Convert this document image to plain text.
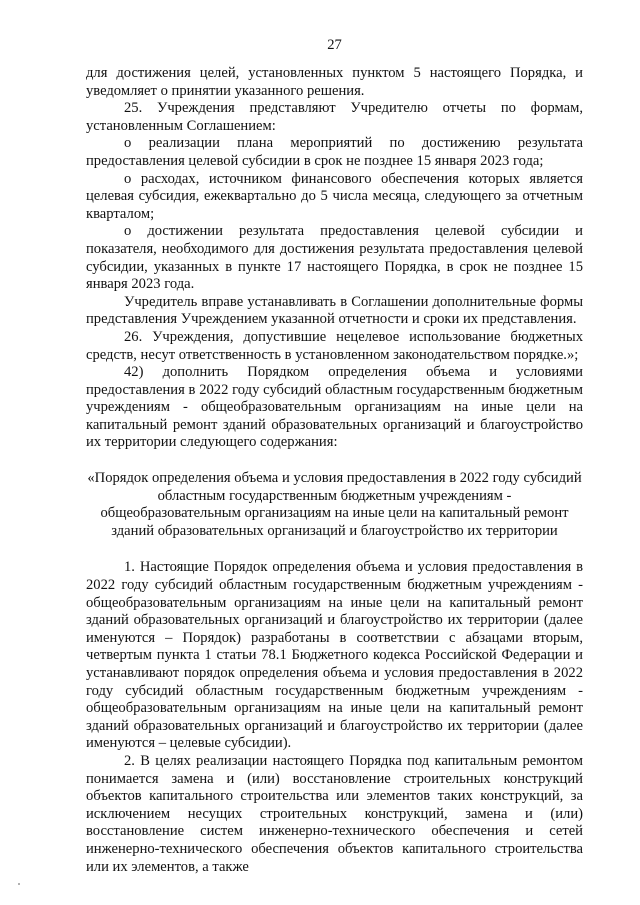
27

для достижения целей, установленных пунктом 5 настоящего Порядка, и уведомляет о принятии указанного решения.

25. Учреждения представляют Учредителю отчеты по формам, установленным Соглашением:

о реализации плана мероприятий по достижению результата предоставления целевой субсидии в срок не позднее 15 января 2023 года;

о расходах, источником финансового обеспечения которых является целевая субсидия, ежеквартально до 5 числа месяца, следующего за отчетным кварталом;

о достижении результата предоставления целевой субсидии и показателя, необходимого для достижения результата предоставления целевой субсидии, указанных в пункте 17 настоящего Порядка, в срок не позднее 15 января 2023 года.

Учредитель вправе устанавливать в Соглашении дополнительные формы представления Учреждением указанной отчетности и сроки их представления.

26. Учреждения, допустившие нецелевое использование бюджетных средств, несут ответственность в установленном законодательством порядке.»;

42) дополнить Порядком определения объема и условиями предоставления в 2022 году субсидий областным государственным бюджетным учреждениям - общеобразовательным организациям на иные цели на капитальный ремонт зданий образовательных организаций и благоустройство их территории следующего содержания:

«Порядок определения объема и условия предоставления в 2022 году субсидий областным государственным бюджетным учреждениям - общеобразовательным организациям на иные цели на капитальный ремонт зданий образовательных организаций и благоустройство их территории

1. Настоящие Порядок определения объема и условия предоставления в 2022 году субсидий областным государственным бюджетным учреждениям - общеобразовательным организациям на иные цели на капитальный ремонт зданий образовательных организаций и благоустройство их территории (далее именуются – Порядок) разработаны в соответствии с абзацами вторым, четвертым пункта 1 статьи 78.1 Бюджетного кодекса Российской Федерации и устанавливают порядок определения объема и условия предоставления в 2022 году субсидий областным государственным бюджетным учреждениям - общеобразовательным организациям на иные цели на капитальный ремонт зданий образовательных организаций и благоустройство их территории (далее именуются – целевые субсидии).

2. В целях реализации настоящего Порядка под капитальным ремонтом понимается замена и (или) восстановление строительных конструкций объектов капитального строительства или элементов таких конструкций, за исключением несущих строительных конструкций, замена и (или) восстановление систем инженерно-технического обеспечения и сетей инженерно-технического обеспечения объектов капитального строительства или их элементов, а также
